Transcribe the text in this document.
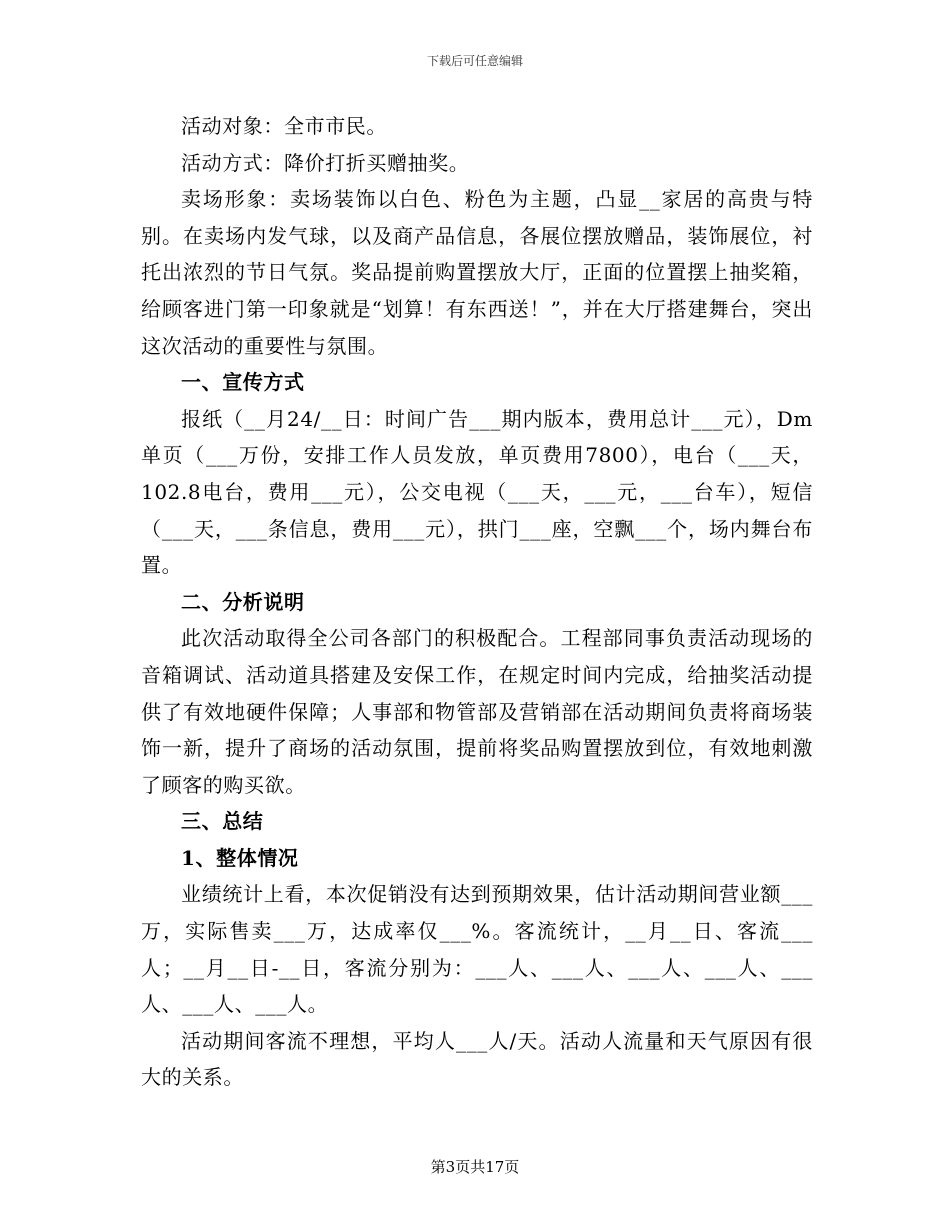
下载后可任意编辑

活动对象：全市市民。

活动方式：降价打折买赠抽奖。

卖场形象：卖场装饰以白色、粉色为主题，凸显__家居的高贵与特别。在卖场内发气球，以及商产品信息，各展位摆放赠品，装饰展位，衬托出浓烈的节日气氛。奖品提前购置摆放大厅，正面的位置摆上抽奖箱，给顾客进门第一印象就是“划算！有东西送！”，并在大厅搭建舞台，突出这次活动的重要性与氛围。

一、宣传方式

报纸（__月24/__日：时间广告___期内版本，费用总计___元），Dm单页（___万份，安排工作人员发放，单页费用7800），电台（___天，102.8电台，费用___元），公交电视（___天，___元，___台车），短信（___天，___条信息，费用___元），拱门___座，空飘___个，场内舞台布置。

二、分析说明

此次活动取得全公司各部门的积极配合。工程部同事负责活动现场的音箱调试、活动道具搭建及安保工作，在规定时间内完成，给抽奖活动提供了有效地硬件保障；人事部和物管部及营销部在活动期间负责将商场装饰一新，提升了商场的活动氛围，提前将奖品购置摆放到位，有效地刺激了顾客的购买欲。

三、总结
1、整体情况

业绩统计上看，本次促销没有达到预期效果，估计活动期间营业额___万，实际售卖___万，达成率仅___%。客流统计，__月__日、客流___人；__月__日-__日，客流分别为：___人、___人、___人、___人、___人、___人、___人。

活动期间客流不理想，平均人___人/天。活动人流量和天气原因有很大的关系。

第3页共17页
